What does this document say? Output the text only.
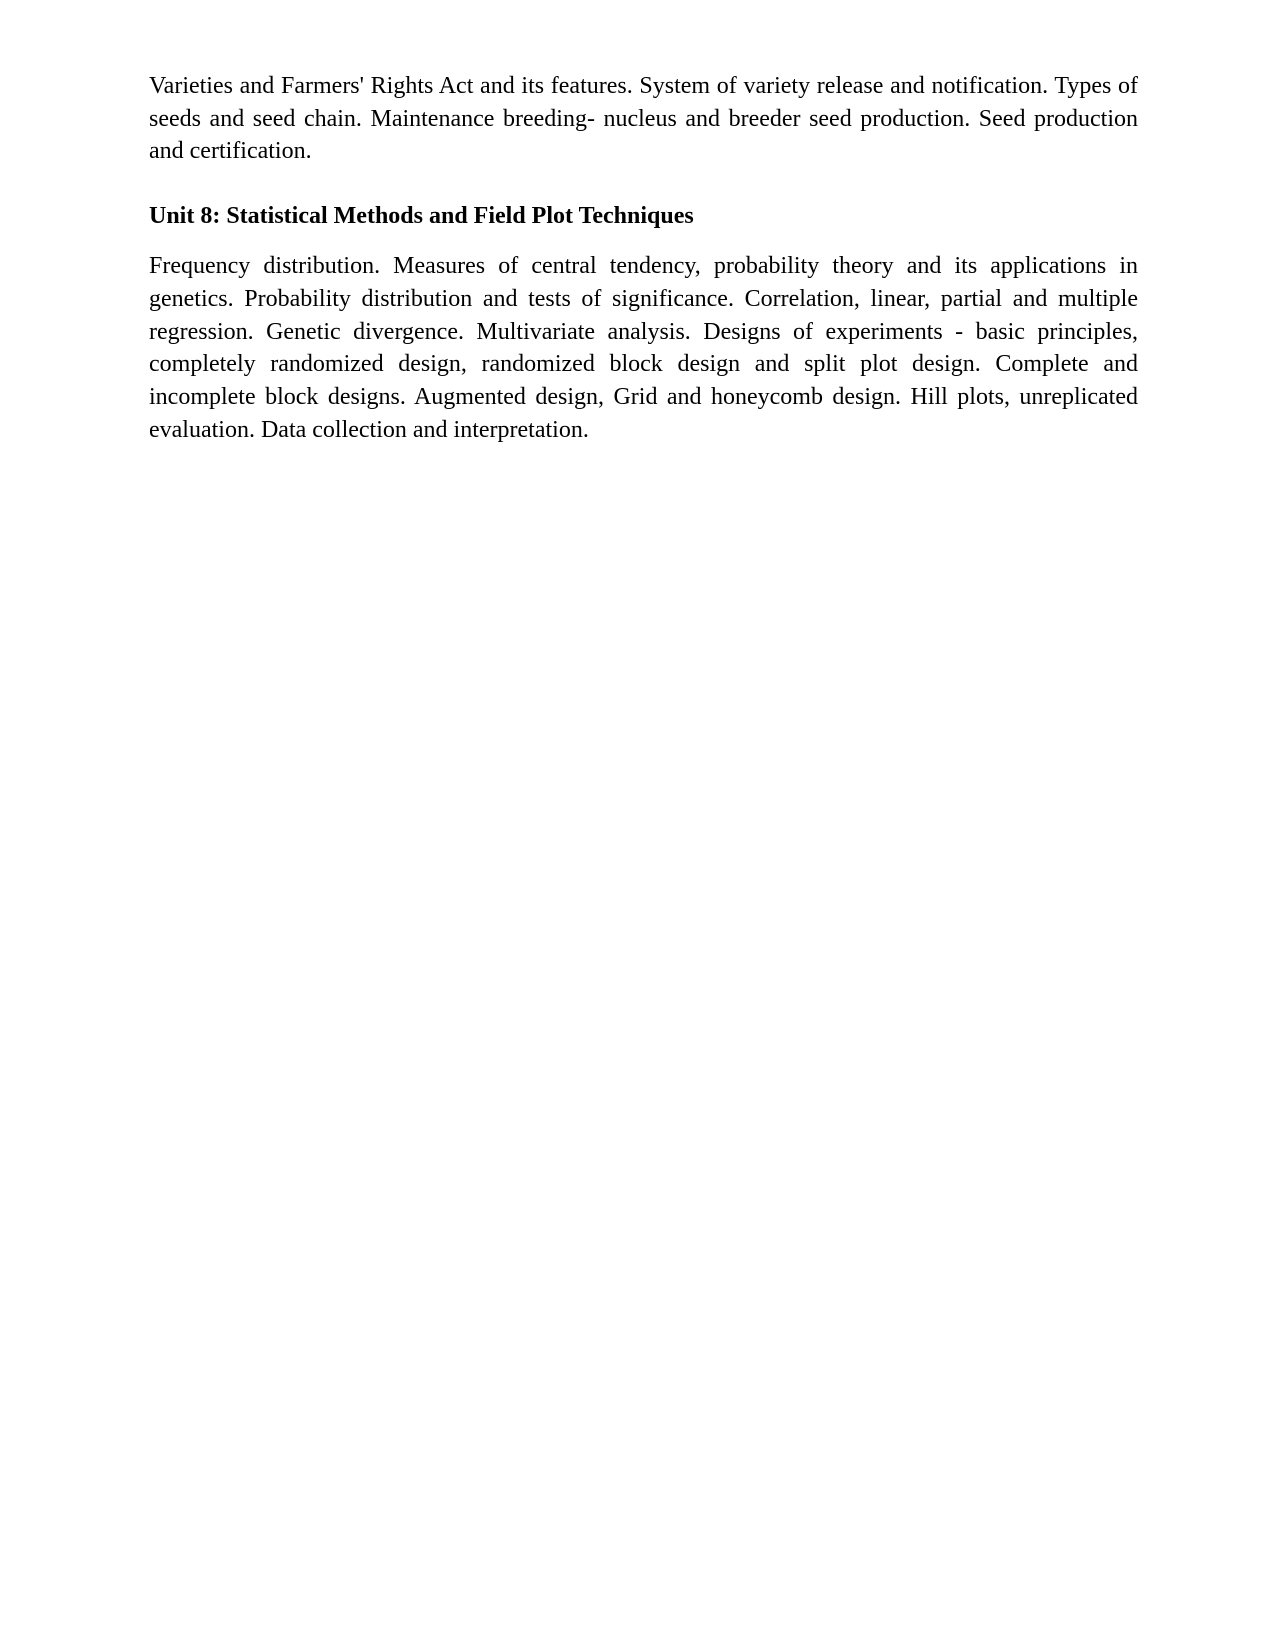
Varieties and Farmers' Rights Act and its features. System of variety release and notification. Types of seeds and seed chain. Maintenance breeding- nucleus and breeder seed production. Seed production and certification.

Unit 8: Statistical Methods and Field Plot Techniques

Frequency distribution. Measures of central tendency, probability theory and its applications in genetics. Probability distribution and tests of significance. Correlation, linear, partial and multiple regression. Genetic divergence. Multivariate analysis. Designs of experiments - basic principles, completely randomized design, randomized block design and split plot design. Complete and incomplete block designs. Augmented design, Grid and honeycomb design. Hill plots, unreplicated evaluation. Data collection and interpretation.
